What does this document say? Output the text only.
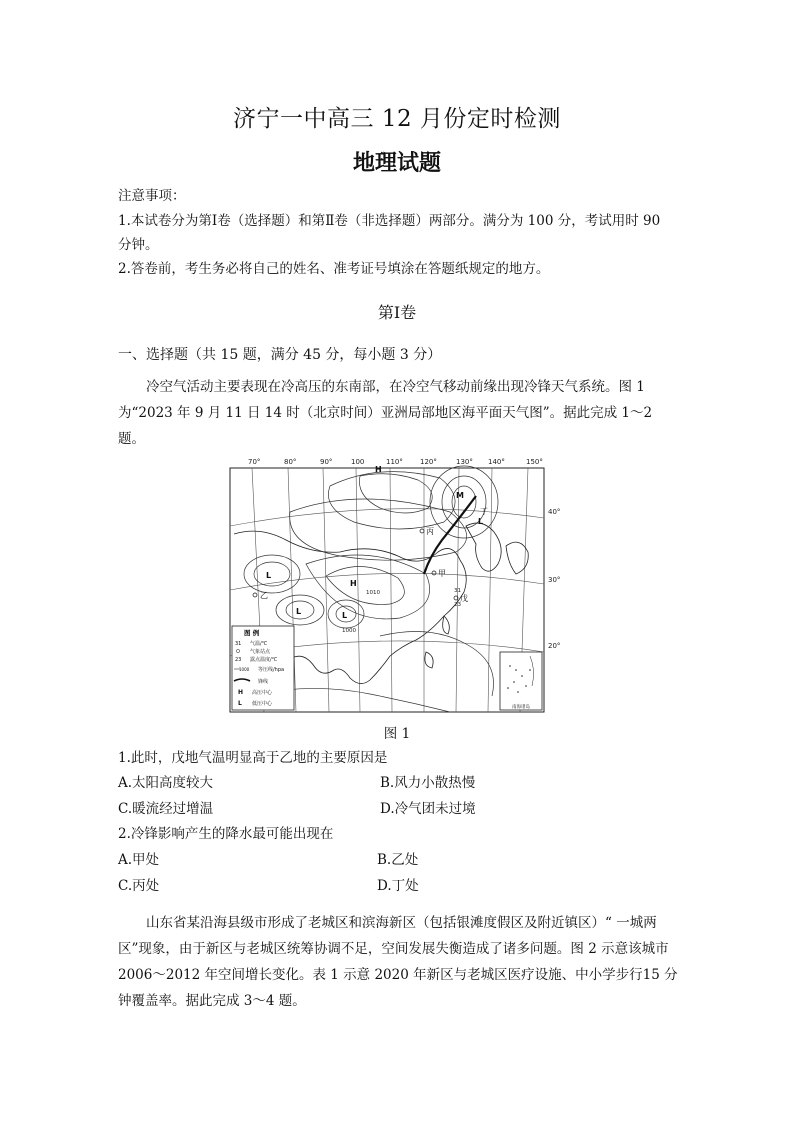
济宁一中高三 12 月份定时检测
地理试题
注意事项：
1.本试卷分为第Ⅰ卷（选择题）和第Ⅱ卷（非选择题）两部分。满分为 100 分，考试用时 90
分钟。
2.答卷前，考生务必将自己的姓名、准考证号填涂在答题纸规定的地方。
第Ⅰ卷
一、选择题（共 15 题，满分 45 分，每小题 3 分）
冷空气活动主要表现在冷高压的东南部，在冷空气移动前缘出现冷锋天气系统。图 1 为“2023 年 9 月 11 日 14 时（北京时间）亚洲局部地区海平面天气图”。据此完成 1～2 题。
70°	80°	90°	100	110° 120°	130° 140°	150°
40°
30°
20°
H
L
L
H
L
L
M
1010
1000
甲
乙
丙
丁
戊
31
23
图 例
31 气温/℃
气象站点
23 露点温度/℃
1000 等压线/hpa
锋线
H 高压中心
L 低压中心
南海诸岛
图 1
1.此时，戊地气温明显高于乙地的主要原因是
A.太阳高度较大	B.风力小散热慢
C.暖流经过增温	D.冷气团未过境
2.冷锋影响产生的降水最可能出现在
A.甲处	B.乙处
C.丙处	D.丁处
山东省某沿海县级市形成了老城区和滨海新区（包括银滩度假区及附近镇区）“ 一城两区”现象，由于新区与老城区统筹协调不足，空间发展失衡造成了诸多问题。图 2 示意该城市 2006～2012 年空间增长变化。表 1 示意 2020 年新区与老城区医疗设施、中小学步行15 分钟覆盖率。据此完成 3～4 题。
